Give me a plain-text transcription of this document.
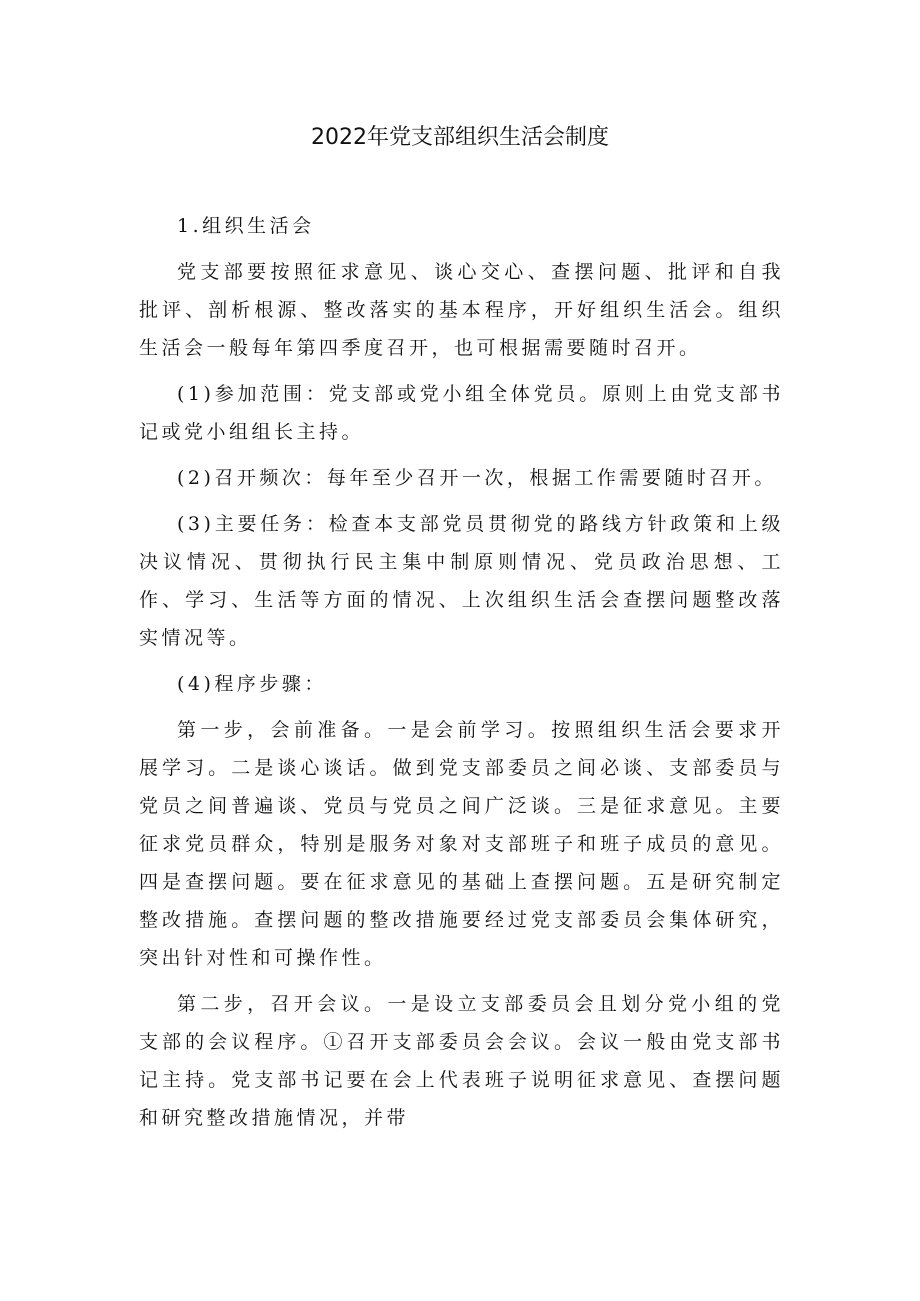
2022年党支部组织生活会制度

1.组织生活会

党支部要按照征求意见、谈心交心、查摆问题、批评和自我批评、剖析根源、整改落实的基本程序，开好组织生活会。组织生活会一般每年第四季度召开，也可根据需要随时召开。

(1)参加范围：党支部或党小组全体党员。原则上由党支部书记或党小组组长主持。

(2)召开频次：每年至少召开一次，根据工作需要随时召开。

(3)主要任务：检查本支部党员贯彻党的路线方针政策和上级决议情况、贯彻执行民主集中制原则情况、党员政治思想、工作、学习、生活等方面的情况、上次组织生活会查摆问题整改落实情况等。

(4)程序步骤：

第一步，会前准备。一是会前学习。按照组织生活会要求开展学习。二是谈心谈话。做到党支部委员之间必谈、支部委员与党员之间普遍谈、党员与党员之间广泛谈。三是征求意见。主要征求党员群众，特别是服务对象对支部班子和班子成员的意见。四是查摆问题。要在征求意见的基础上查摆问题。五是研究制定整改措施。查摆问题的整改措施要经过党支部委员会集体研究，突出针对性和可操作性。

第二步，召开会议。一是设立支部委员会且划分党小组的党支部的会议程序。①召开支部委员会会议。会议一般由党支部书记主持。党支部书记要在会上代表班子说明征求意见、查摆问题和研究整改措施情况，并带
